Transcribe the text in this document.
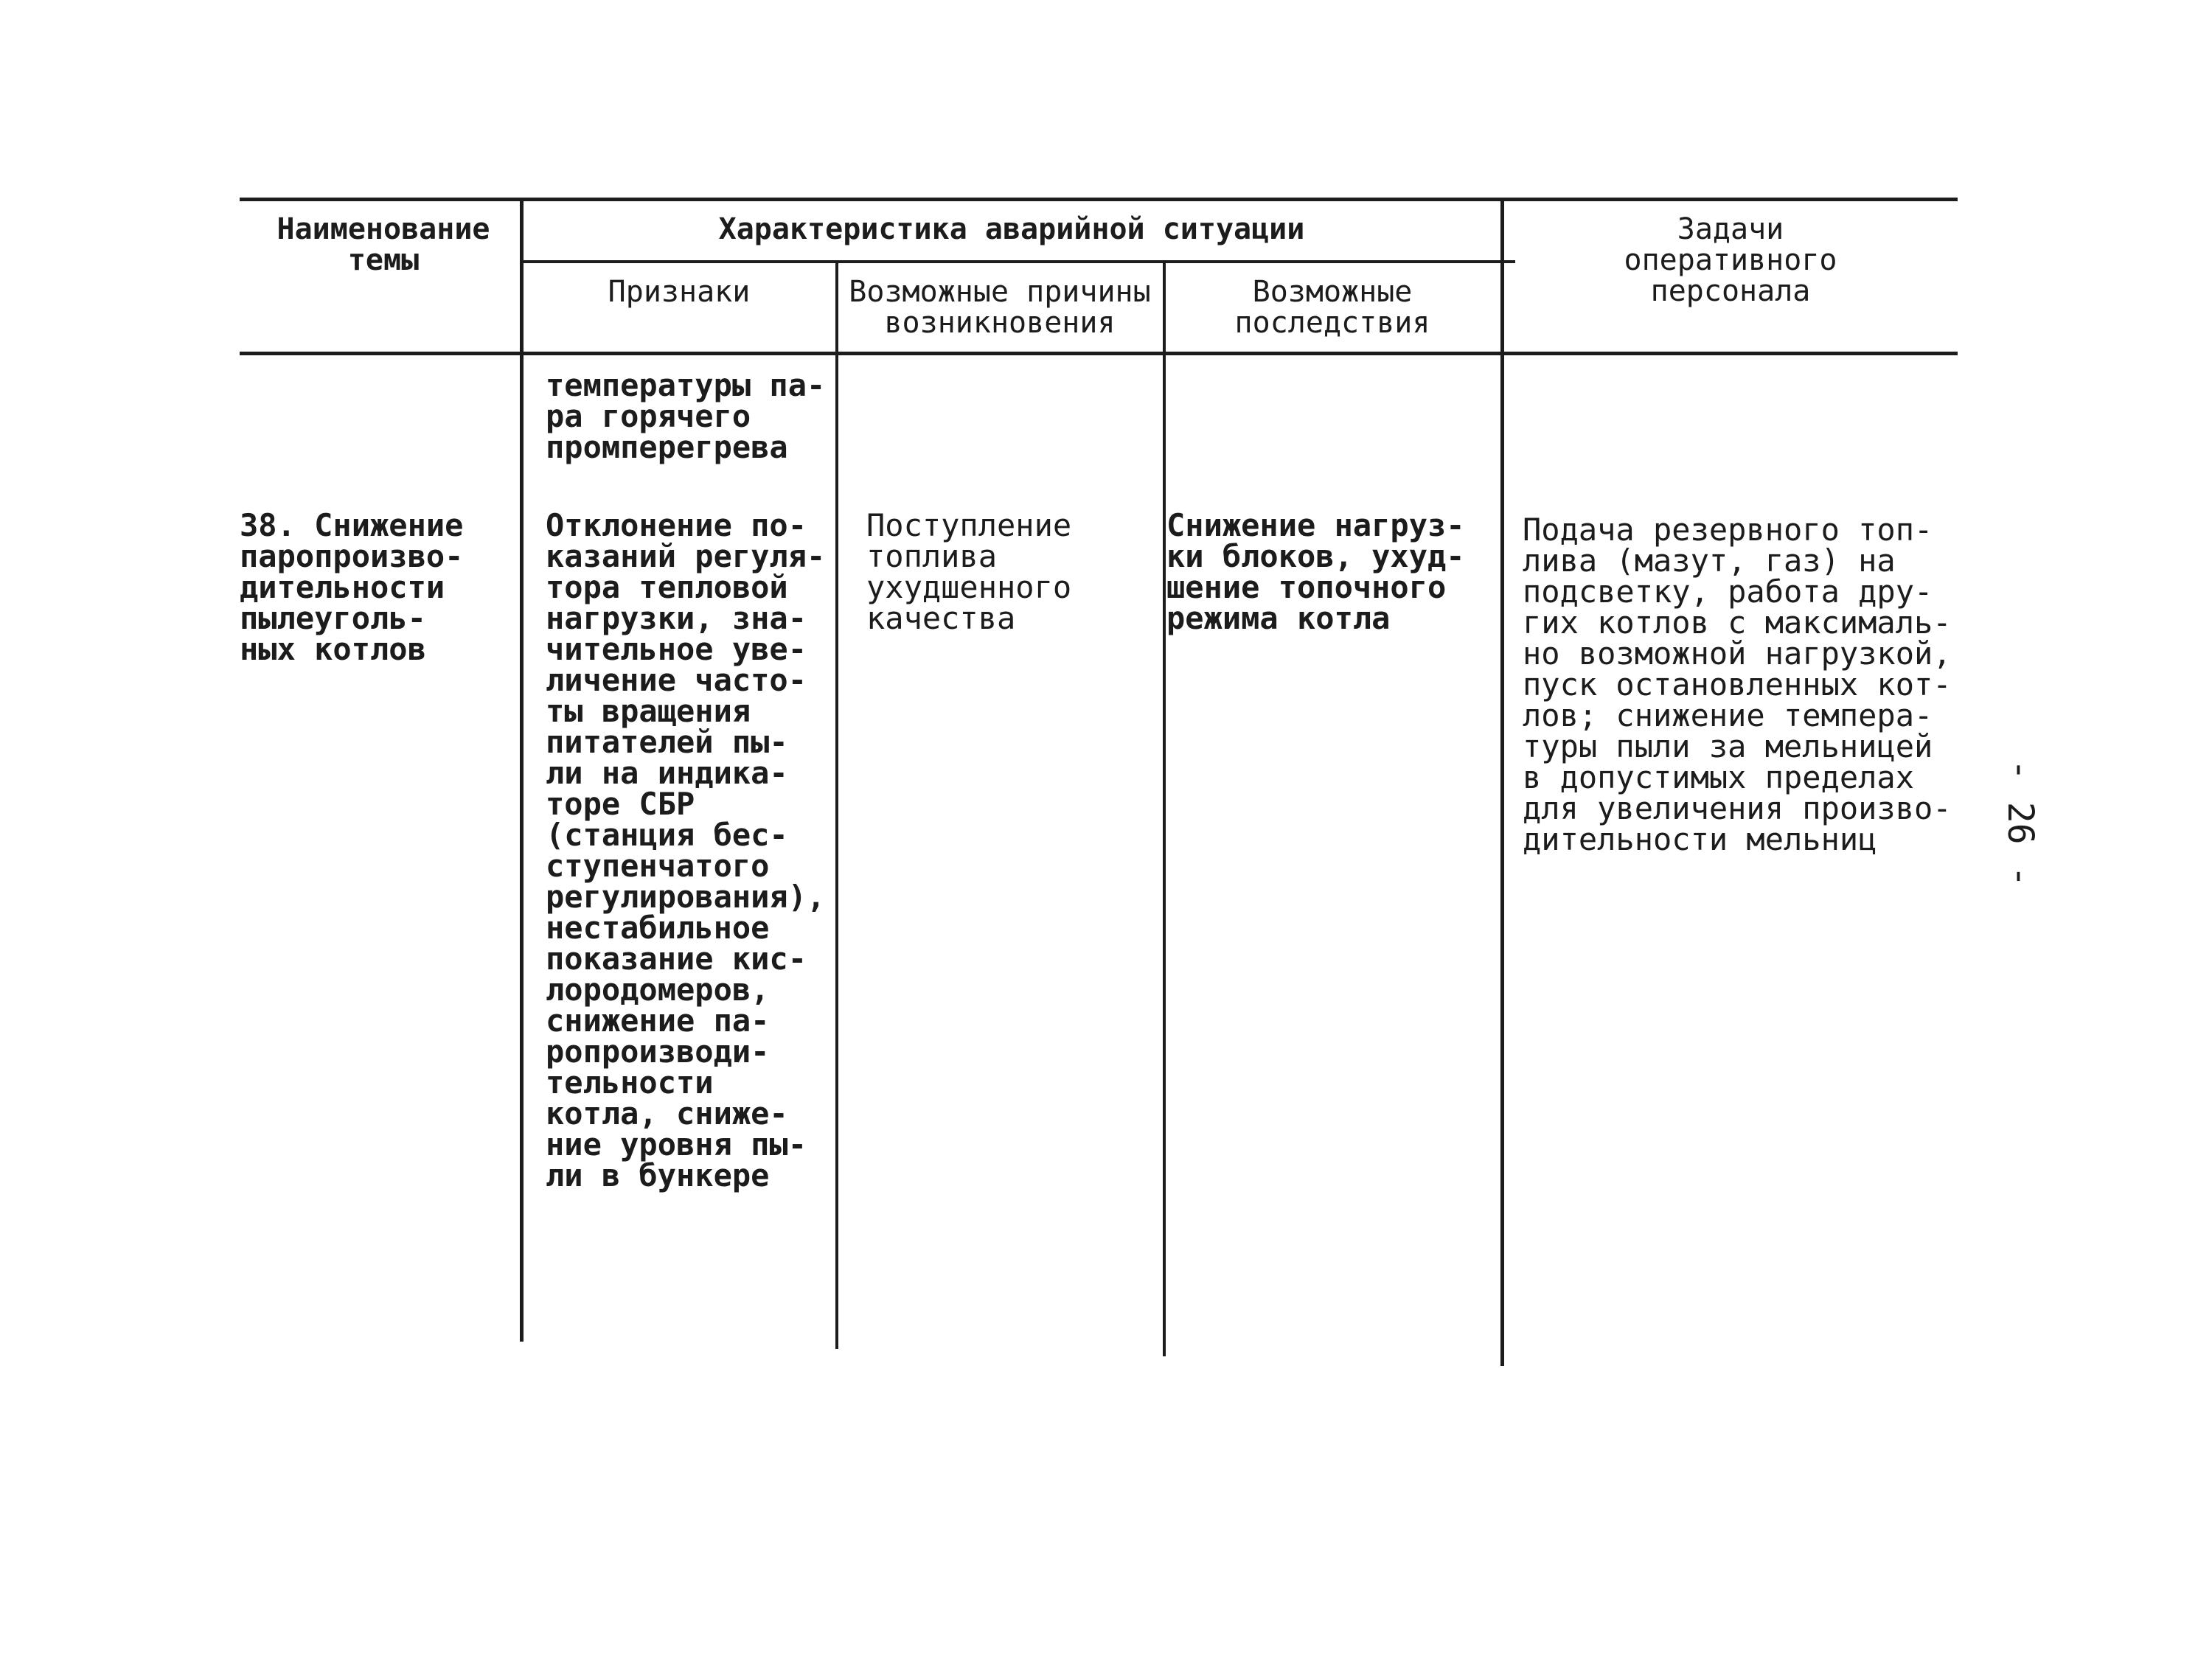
Наименование
темы
Характеристика аварийной ситуации
Признаки	Возможные причины
возникновения
Возможные
последствия
Задачи
оперативного
персонала
температуры па-
ра горячего
промперегрева
38. Снижение
паропроизво-
дительности
пылеуголь-
ных котлов
Отклонение по-
казаний регуля-
тора тепловой
нагрузки, зна-
чительное уве-
личение часто-
ты вращения
питателей пы-
ли на индика-
торе СБР
(станция бес-
ступенчатого
регулирования),
нестабильное
показание кис-
лородомеров,
снижение па-
ропроизводи-
тельности
котла, сниже-
ние уровня пы-
ли в бункере
Поступление
топлива
ухудшенного
качества
Снижение нагруз-
ки блоков, ухуд-
шение топочного
режима котла
Подача резервного топ-
лива (мазут, газ) на
подсветку, работа дру-
гих котлов с максималь-
но возможной нагрузкой,
пуск остановленных кот-
лов; снижение темпера-
туры пыли за мельницей
в допустимых пределах
для увеличения произво-
дительности мельниц	- 26 -
